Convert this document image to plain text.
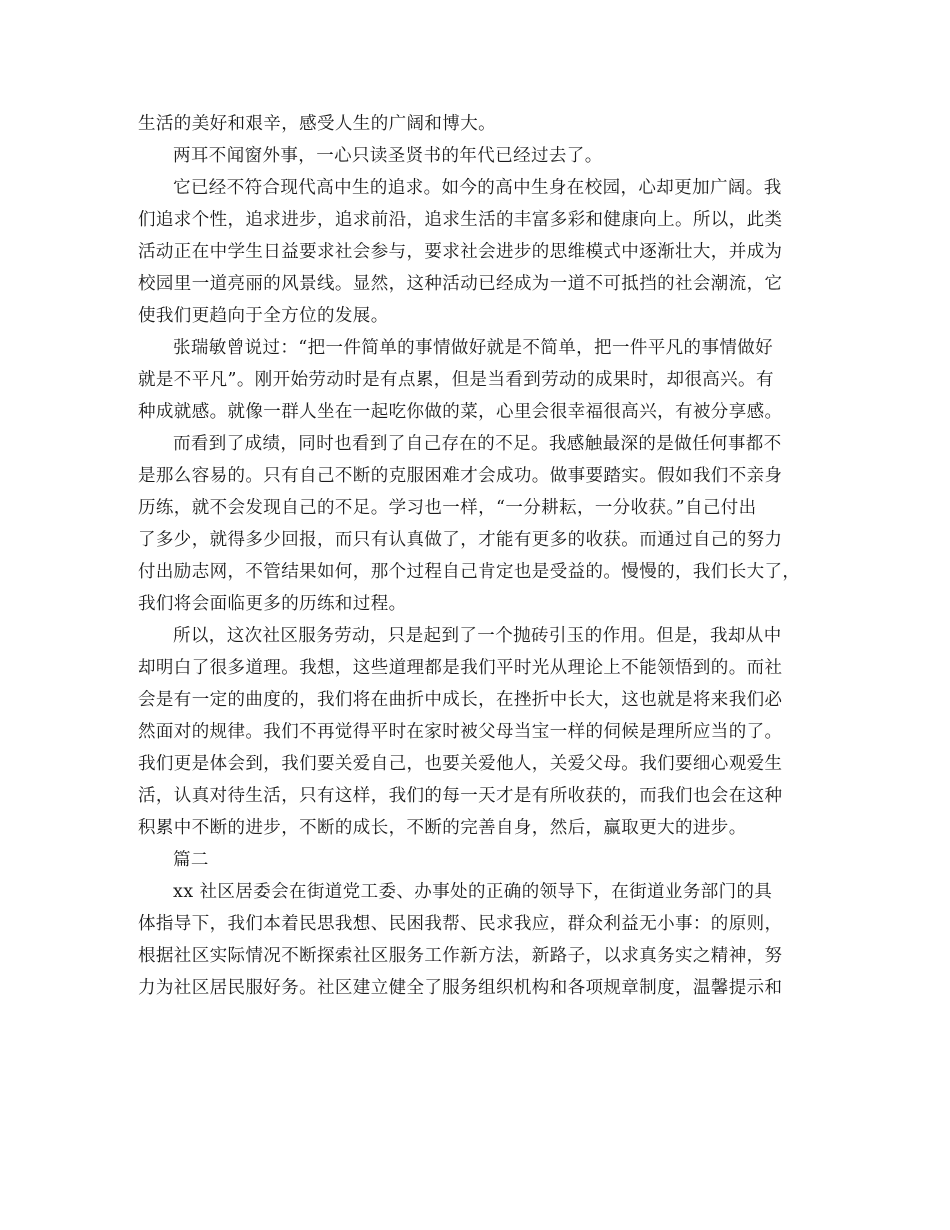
生活的美好和艰辛，感受人生的广阔和博大。
两耳不闻窗外事，一心只读圣贤书的年代已经过去了。
它已经不符合现代高中生的追求。如今的高中生身在校园，心却更加广阔。我
们追求个性，追求进步，追求前沿，追求生活的丰富多彩和健康向上。所以，此类
活动正在中学生日益要求社会参与，要求社会进步的思维模式中逐渐壮大，并成为
校园里一道亮丽的风景线。显然，这种活动已经成为一道不可抵挡的社会潮流，它
使我们更趋向于全方位的发展。
张瑞敏曾说过：“把一件简单的事情做好就是不简单，把一件平凡的事情做好
就是不平凡”。刚开始劳动时是有点累，但是当看到劳动的成果时，却很高兴。有
种成就感。就像一群人坐在一起吃你做的菜，心里会很幸福很高兴，有被分享感。
而看到了成绩，同时也看到了自己存在的不足。我感触最深的是做任何事都不
是那么容易的。只有自己不断的克服困难才会成功。做事要踏实。假如我们不亲身
历练，就不会发现自己的不足。学习也一样，“一分耕耘，一分收获。”自己付出
了多少，就得多少回报，而只有认真做了，才能有更多的收获。而通过自己的努力
付出励志网，不管结果如何，那个过程自己肯定也是受益的。慢慢的，我们长大了，
我们将会面临更多的历练和过程。
所以，这次社区服务劳动，只是起到了一个抛砖引玉的作用。但是，我却从中
却明白了很多道理。我想，这些道理都是我们平时光从理论上不能领悟到的。而社
会是有一定的曲度的，我们将在曲折中成长，在挫折中长大，这也就是将来我们必
然面对的规律。我们不再觉得平时在家时被父母当宝一样的伺候是理所应当的了。
我们更是体会到，我们要关爱自己，也要关爱他人，关爱父母。我们要细心观爱生
活，认真对待生活，只有这样，我们的每一天才是有所收获的，而我们也会在这种
积累中不断的进步，不断的成长，不断的完善自身，然后，赢取更大的进步。
篇二
xx 社区居委会在街道党工委、办事处的正确的领导下，在街道业务部门的具
体指导下，我们本着民思我想、民困我帮、民求我应，群众利益无小事：的原则，
根据社区实际情况不断探索社区服务工作新方法，新路子，以求真务实之精神，努
力为社区居民服好务。社区建立健全了服务组织机构和各项规章制度，温馨提示和
